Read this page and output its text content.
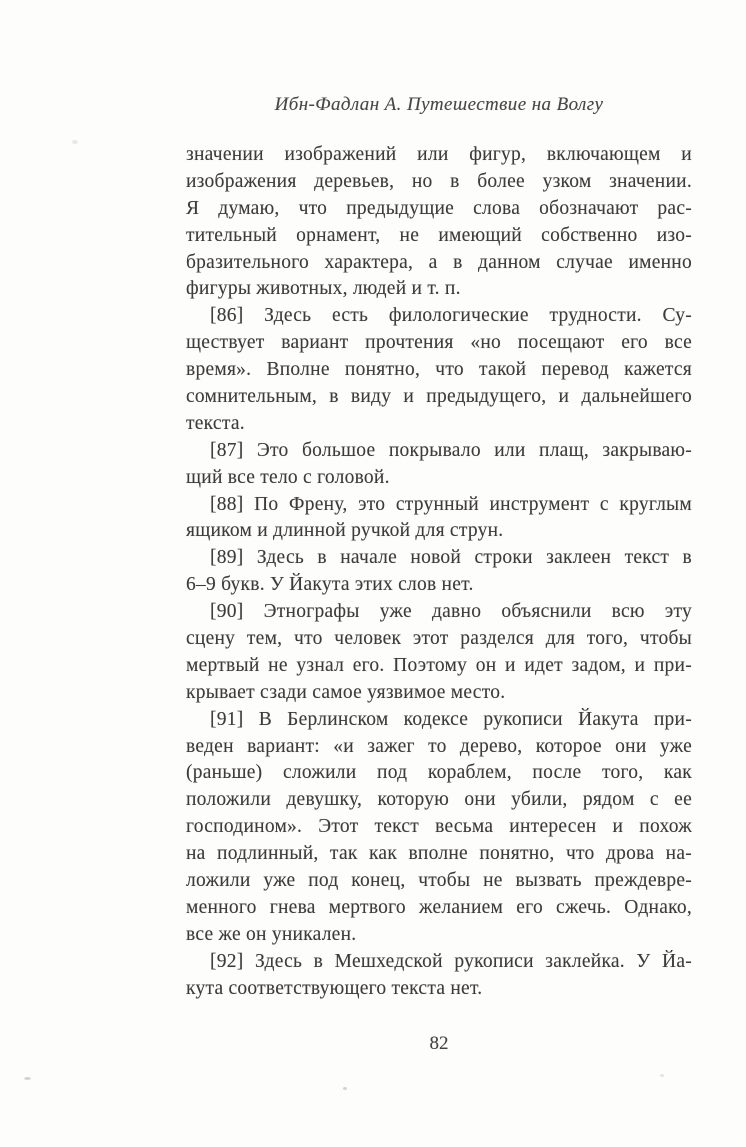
Ибн-Фадлан А. Путешествие на Волгу
значении изображений или фигур, включающем и
изображения деревьев, но в более узком значении.
Я думаю, что предыдущие слова обозначают рас-
тительный орнамент, не имеющий собственно изо-
бразительного характера, а в данном случае именно
фигуры животных, людей и т. п.
[86] Здесь есть филологические трудности. Су-
ществует вариант прочтения «но посещают его все
время». Вполне понятно, что такой перевод кажется
сомнительным, в виду и предыдущего, и дальнейшего
текста.
[87] Это большое покрывало или плащ, закрываю-
щий все тело с головой.
[88] По Френу, это струнный инструмент с круглым
ящиком и длинной ручкой для струн.
[89] Здесь в начале новой строки заклеен текст в
6–9 букв. У Йакута этих слов нет.
[90] Этнографы уже давно объяснили всю эту
сцену тем, что человек этот разделся для того, чтобы
мертвый не узнал его. Поэтому он и идет задом, и при-
крывает сзади самое уязвимое место.
[91] В Берлинском кодексе рукописи Йакута при-
веден вариант: «и зажег то дерево, которое они уже
(раньше) сложили под кораблем, после того, как
положили девушку, которую они убили, рядом с ее
господином». Этот текст весьма интересен и похож
на подлинный, так как вполне понятно, что дрова на-
ложили уже под конец, чтобы не вызвать преждевре-
менного гнева мертвого желанием его сжечь. Однако,
все же он уникален.
[92] Здесь в Мешхедской рукописи заклейка. У Йа-
кута соответствующего текста нет.
82
